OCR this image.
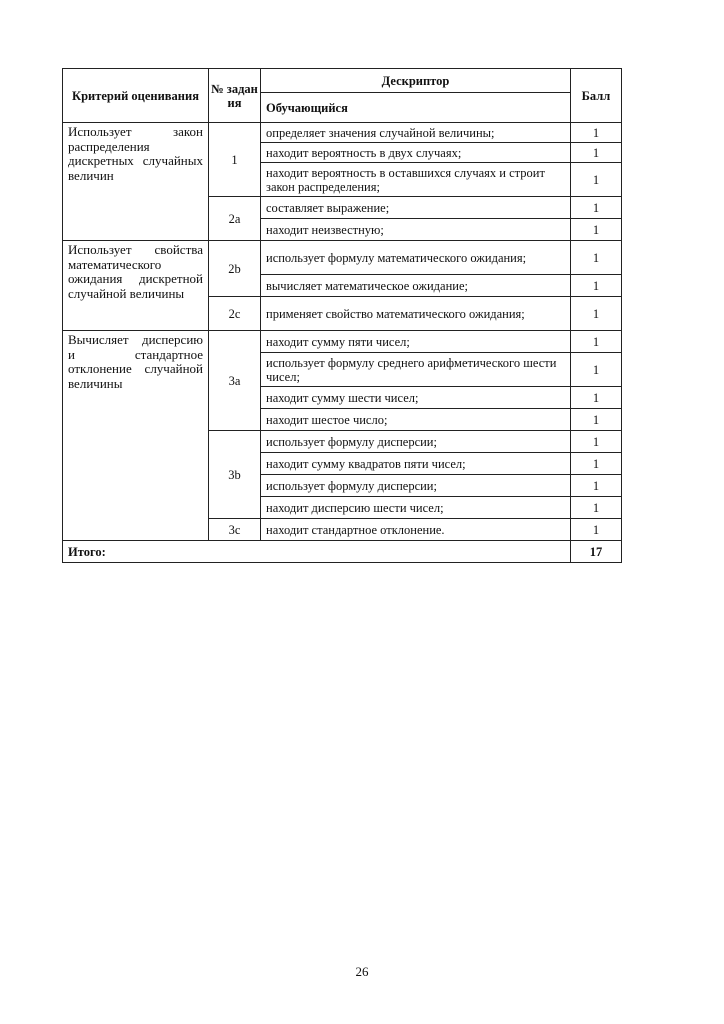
Критерий оценивания	№ задан ия	Дескриптор	Балл
		Обучающийся	
Использует закон распределения дискретных случайных величин	1	определяет значения случайной величины;	1
		находит вероятность в двух случаях;	1
		находит вероятность в оставшихся случаях и строит закон распределения;	1
	2a	составляет выражение;	1
		находит неизвестную;	1
Использует свойства математического ожидания дискретной случайной величины	2b	использует формулу математического ожидания;	1
		вычисляет математическое ожидание;	1
	2c	применяет свойство математического ожидания;	1
Вычисляет дисперсию и стандартное отклонение случайной величины	3a	находит сумму пяти чисел;	1
		использует формулу среднего арифметического шести чисел;	1
		находит сумму шести чисел;	1
		находит шестое число;	1
	3b	использует формулу дисперсии;	1
		находит сумму квадратов пяти чисел;	1
		использует формулу дисперсии;	1
		находит дисперсию шести чисел;	1
	3c	находит стандартное отклонение.	1
Итого:			17
26
